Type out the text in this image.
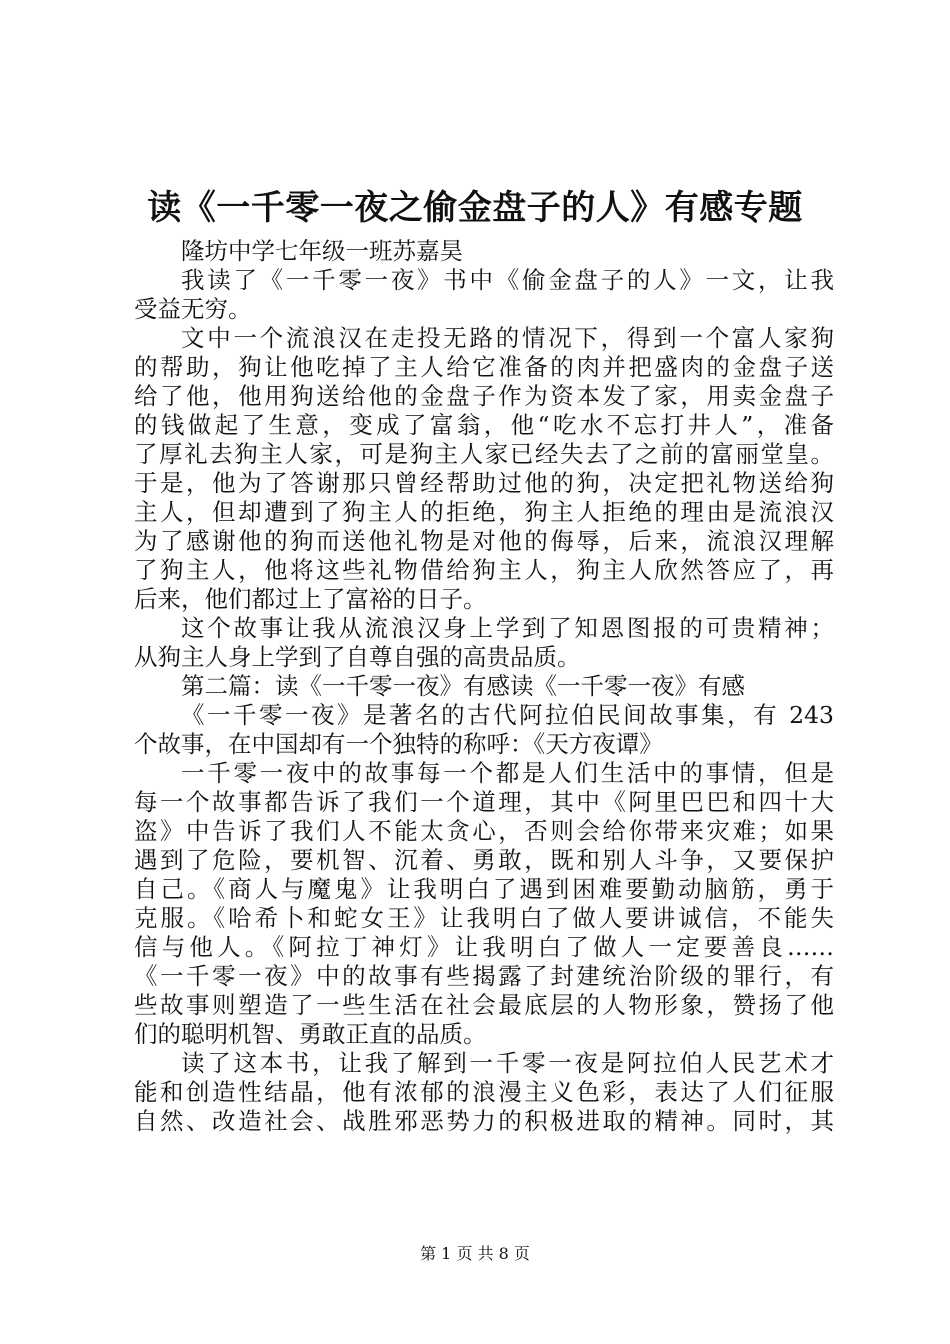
读《一千零一夜之偷金盘子的人》有感专题
隆坊中学七年级一班苏嘉昊
我读了《一千零一夜》书中《偷金盘子的人》一文，让我
受益无穷。
文中一个流浪汉在走投无路的情况下，得到一个富人家狗
的帮助，狗让他吃掉了主人给它准备的肉并把盛肉的金盘子送
给了他，他用狗送给他的金盘子作为资本发了家，用卖金盘子
的钱做起了生意，变成了富翁，他“吃水不忘打井人”，准备
了厚礼去狗主人家，可是狗主人家已经失去了之前的富丽堂皇。
于是，他为了答谢那只曾经帮助过他的狗，决定把礼物送给狗
主人，但却遭到了狗主人的拒绝，狗主人拒绝的理由是流浪汉
为了感谢他的狗而送他礼物是对他的侮辱，后来，流浪汉理解
了狗主人，他将这些礼物借给狗主人，狗主人欣然答应了，再
后来，他们都过上了富裕的日子。
这个故事让我从流浪汉身上学到了知恩图报的可贵精神；
从狗主人身上学到了自尊自强的高贵品质。
第二篇：读《一千零一夜》有感读《一千零一夜》有感
《一千零一夜》是著名的古代阿拉伯民间故事集，有 243
个故事，在中国却有一个独特的称呼：《天方夜谭》
一千零一夜中的故事每一个都是人们生活中的事情，但是
每一个故事都告诉了我们一个道理，其中《阿里巴巴和四十大
盗》中告诉了我们人不能太贪心，否则会给你带来灾难；如果
遇到了危险，要机智、沉着、勇敢，既和别人斗争，又要保护
自己。《商人与魔鬼》让我明白了遇到困难要勤动脑筋，勇于
克服。《哈希卜和蛇女王》让我明白了做人要讲诚信，不能失
信与他人。《阿拉丁神灯》让我明白了做人一定要善良……
《一千零一夜》中的故事有些揭露了封建统治阶级的罪行，有
些故事则塑造了一些生活在社会最底层的人物形象，赞扬了他
们的聪明机智、勇敢正直的品质。
读了这本书，让我了解到一千零一夜是阿拉伯人民艺术才
能和创造性结晶，他有浓郁的浪漫主义色彩，表达了人们征服
自然、改造社会、战胜邪恶势力的积极进取的精神。同时，其
第 1 页 共 8 页
